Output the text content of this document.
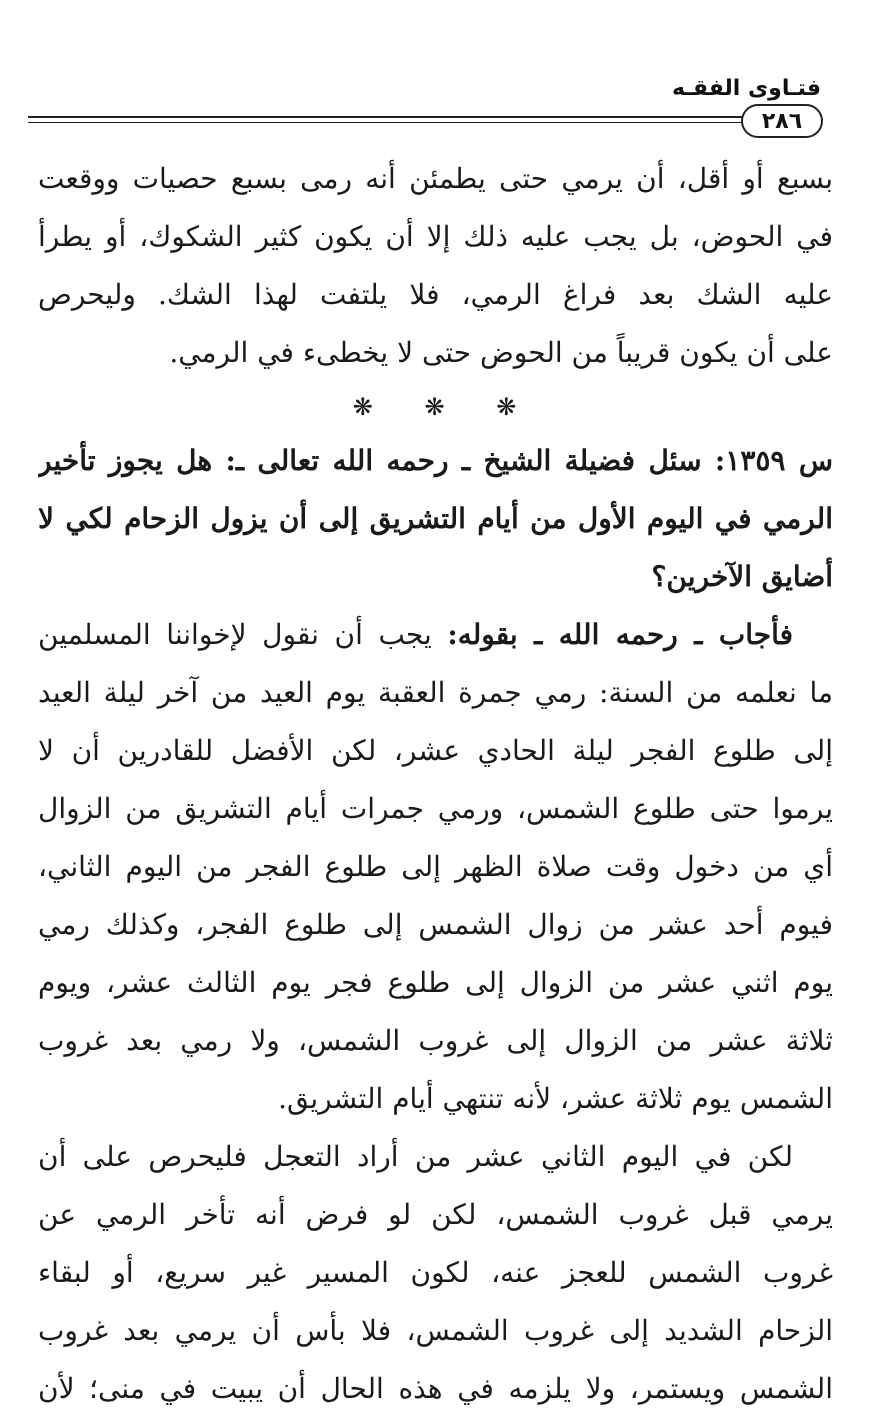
فتـاوى الفقـه
٢٨٦
بسبع أو أقل، أن يرمي حتى يطمئن أنه رمى بسبع حصيات ووقعت
في الحوض، بل يجب عليه ذلك إلا أن يكون كثير الشكوك، أو يطرأ
عليه الشك بعد فراغ الرمي، فلا يلتفت لهذا الشك. وليحرص
على أن يكون قريباً من الحوض حتى لا يخطىء في الرمي.
❋ ❋ ❋
س ١٣٥٩: سئل فضيلة الشيخ ـ رحمه الله تعالى ـ: هل يجوز تأخير
الرمي في اليوم الأول من أيام التشريق إلى أن يزول الزحام لكي لا
أضايق الآخرين؟
فأجاب ـ رحمه الله ـ بقوله: يجب أن نقول لإخواننا المسلمين
ما نعلمه من السنة: رمي جمرة العقبة يوم العيد من آخر ليلة العيد
إلى طلوع الفجر ليلة الحادي عشر، لكن الأفضل للقادرين أن لا
يرموا حتى طلوع الشمس، ورمي جمرات أيام التشريق من الزوال
أي من دخول وقت صلاة الظهر إلى طلوع الفجر من اليوم الثاني،
فيوم أحد عشر من زوال الشمس إلى طلوع الفجر، وكذلك رمي
يوم اثني عشر من الزوال إلى طلوع فجر يوم الثالث عشر، ويوم
ثلاثة عشر من الزوال إلى غروب الشمس، ولا رمي بعد غروب
الشمس يوم ثلاثة عشر، لأنه تنتهي أيام التشريق.
لكن في اليوم الثاني عشر من أراد التعجل فليحرص على أن
يرمي قبل غروب الشمس، لكن لو فرض أنه تأخر الرمي عن
غروب الشمس للعجز عنه، لكون المسير غير سريع، أو لبقاء
الزحام الشديد إلى غروب الشمس، فلا بأس أن يرمي بعد غروب
الشمس ويستمر، ولا يلزمه في هذه الحال أن يبيت في منى؛ لأن
